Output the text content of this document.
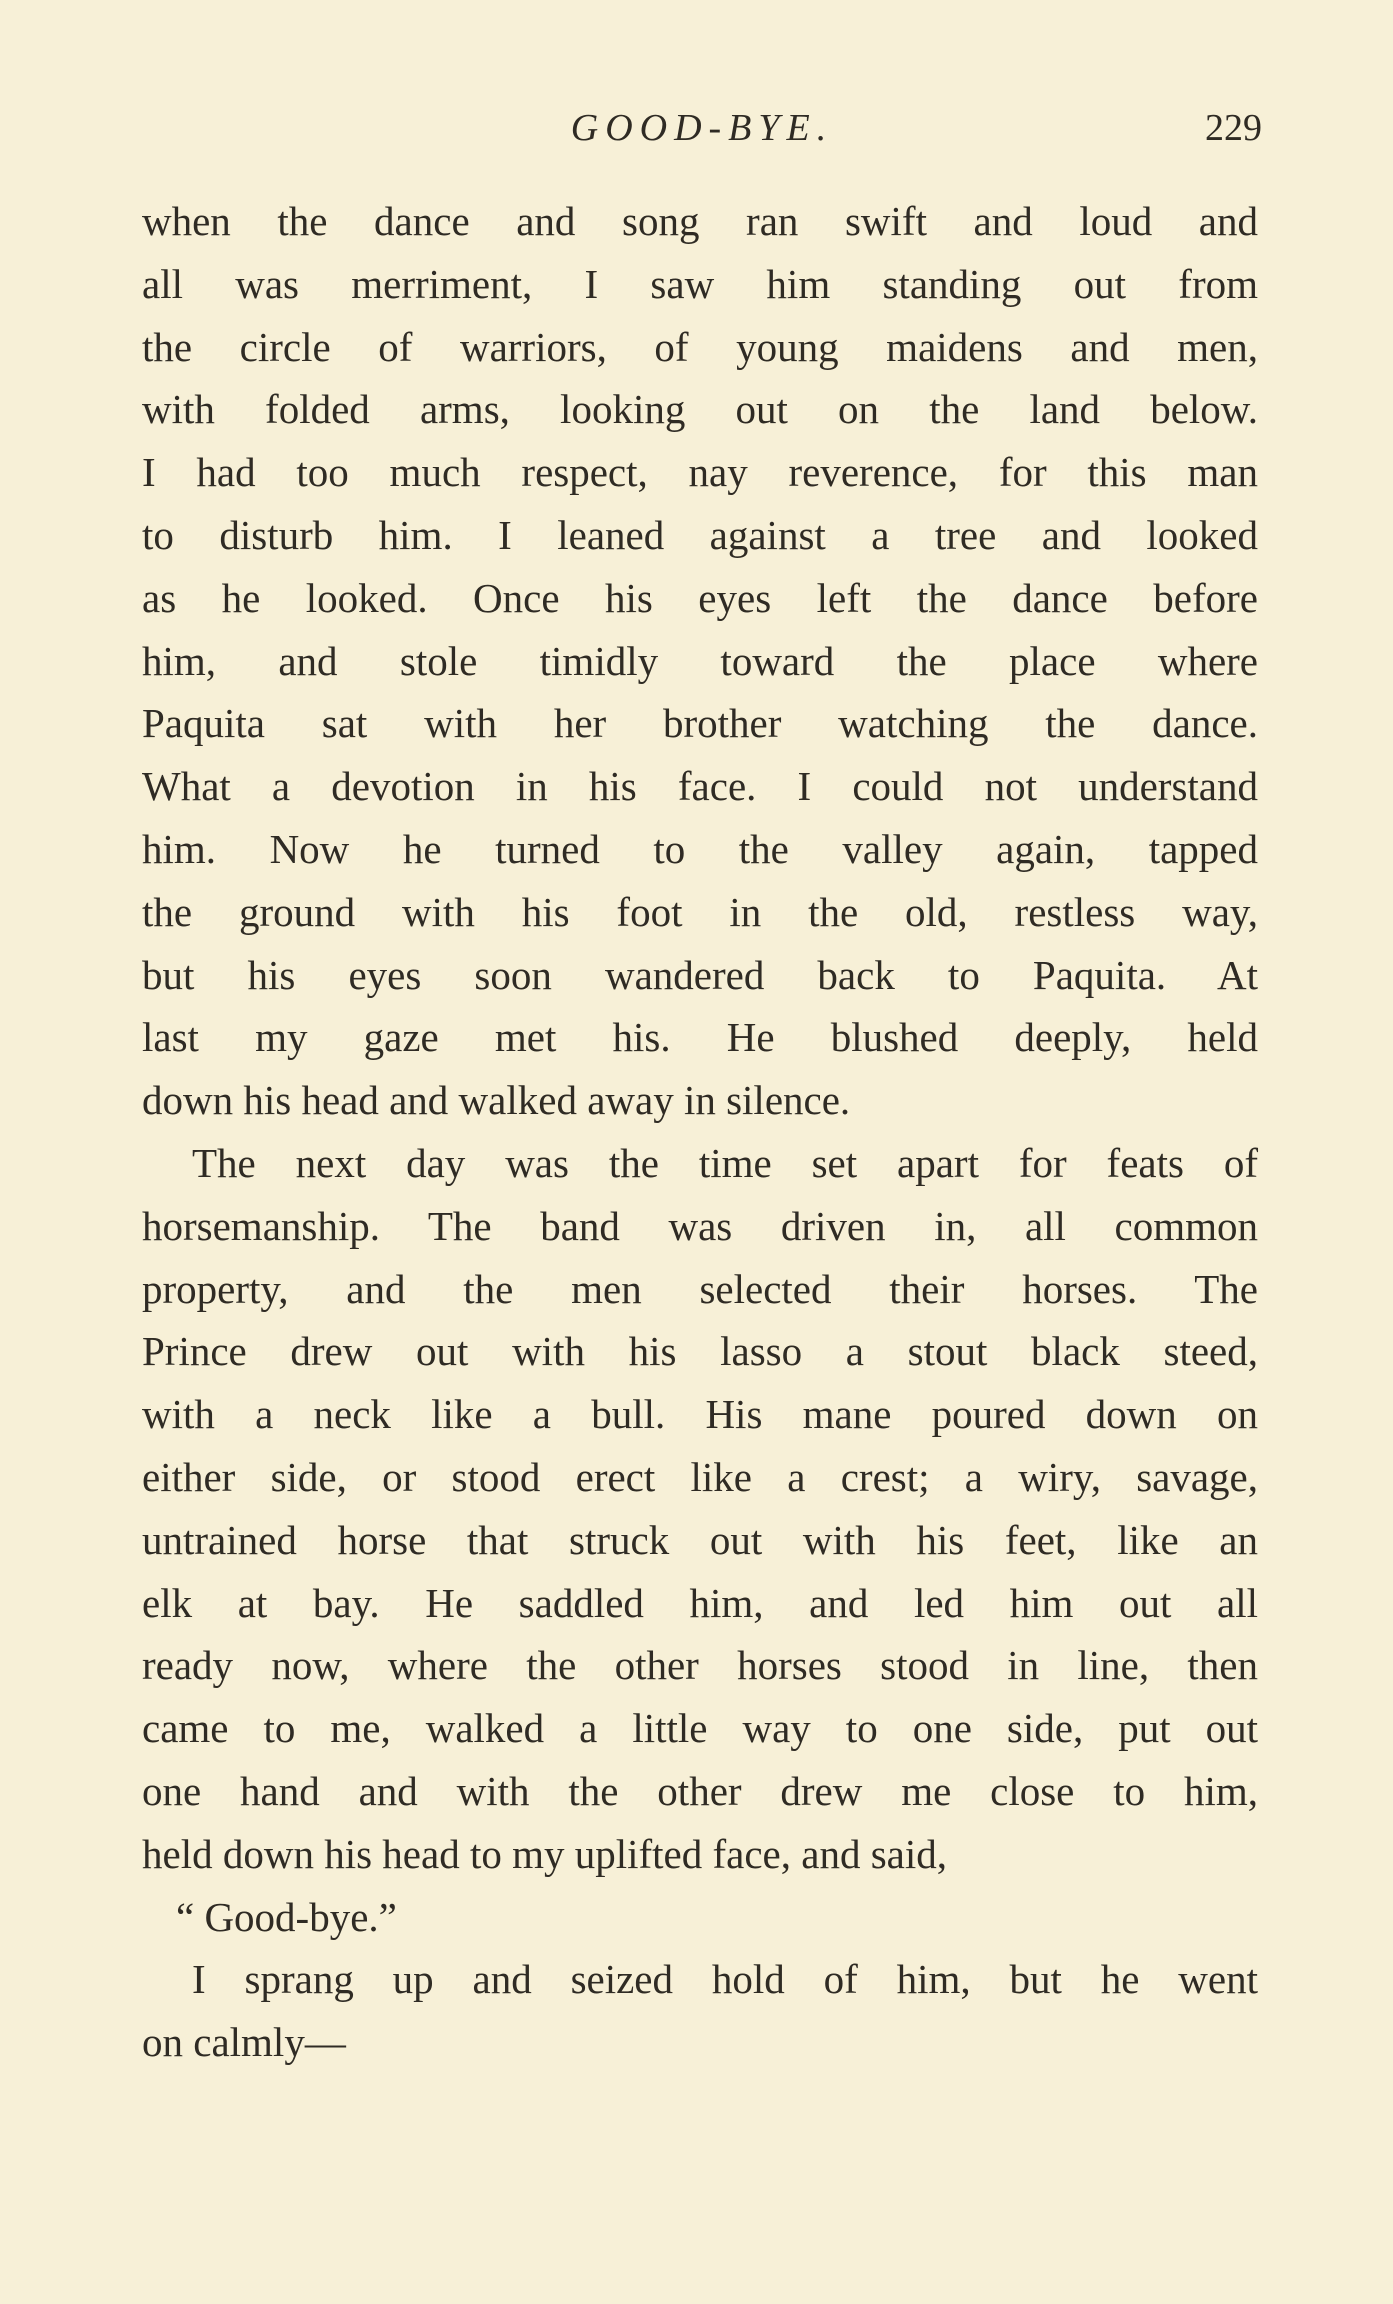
GOOD-BYE.	229
when the dance and song ran swift and loud and
all was merriment, I saw him standing out from
the circle of warriors, of young maidens and men,
with folded arms, looking out on the land below.
I had too much respect, nay reverence, for this man
to disturb him. I leaned against a tree and looked
as he looked. Once his eyes left the dance before
him, and stole timidly toward the place where
Paquita sat with her brother watching the dance.
What a devotion in his face. I could not understand
him. Now he turned to the valley again, tapped
the ground with his foot in the old, restless way,
but his eyes soon wandered back to Paquita. At
last my gaze met his. He blushed deeply, held
down his head and walked away in silence.
The next day was the time set apart for feats of
horsemanship. The band was driven in, all common
property, and the men selected their horses. The
Prince drew out with his lasso a stout black steed,
with a neck like a bull. His mane poured down on
either side, or stood erect like a crest; a wiry, savage,
untrained horse that struck out with his feet, like an
elk at bay. He saddled him, and led him out all
ready now, where the other horses stood in line, then
came to me, walked a little way to one side, put out
one hand and with the other drew me close to him,
held down his head to my uplifted face, and said,
“ Good-bye.”
I sprang up and seized hold of him, but he went
on calmly—
